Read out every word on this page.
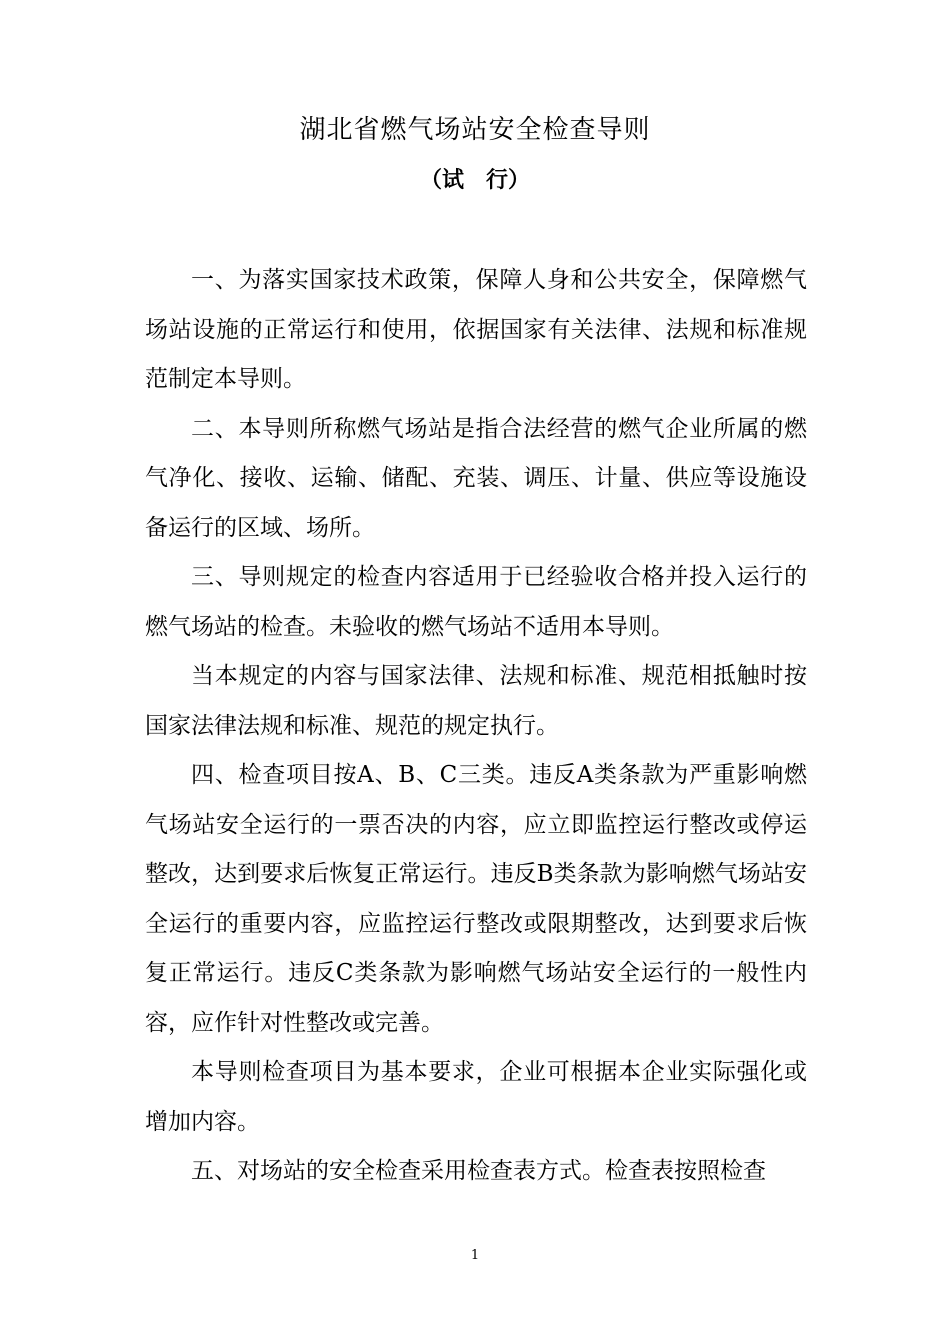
湖北省燃气场站安全检查导则
（试　行）

一、为落实国家技术政策，保障人身和公共安全，保障燃气场站设施的正常运行和使用，依据国家有关法律、法规和标准规范制定本导则。

二、本导则所称燃气场站是指合法经营的燃气企业所属的燃气净化、接收、运输、储配、充装、调压、计量、供应等设施设备运行的区域、场所。

三、导则规定的检查内容适用于已经验收合格并投入运行的燃气场站的检查。未验收的燃气场站不适用本导则。

当本规定的内容与国家法律、法规和标准、规范相抵触时按国家法律法规和标准、规范的规定执行。

四、检查项目按A、B、C三类。违反A类条款为严重影响燃气场站安全运行的一票否决的内容，应立即监控运行整改或停运整改，达到要求后恢复正常运行。违反B类条款为影响燃气场站安全运行的重要内容，应监控运行整改或限期整改，达到要求后恢复正常运行。违反C类条款为影响燃气场站安全运行的一般性内容，应作针对性整改或完善。

本导则检查项目为基本要求，企业可根据本企业实际强化或增加内容。

五、对场站的安全检查采用检查表方式。检查表按照检查

1
